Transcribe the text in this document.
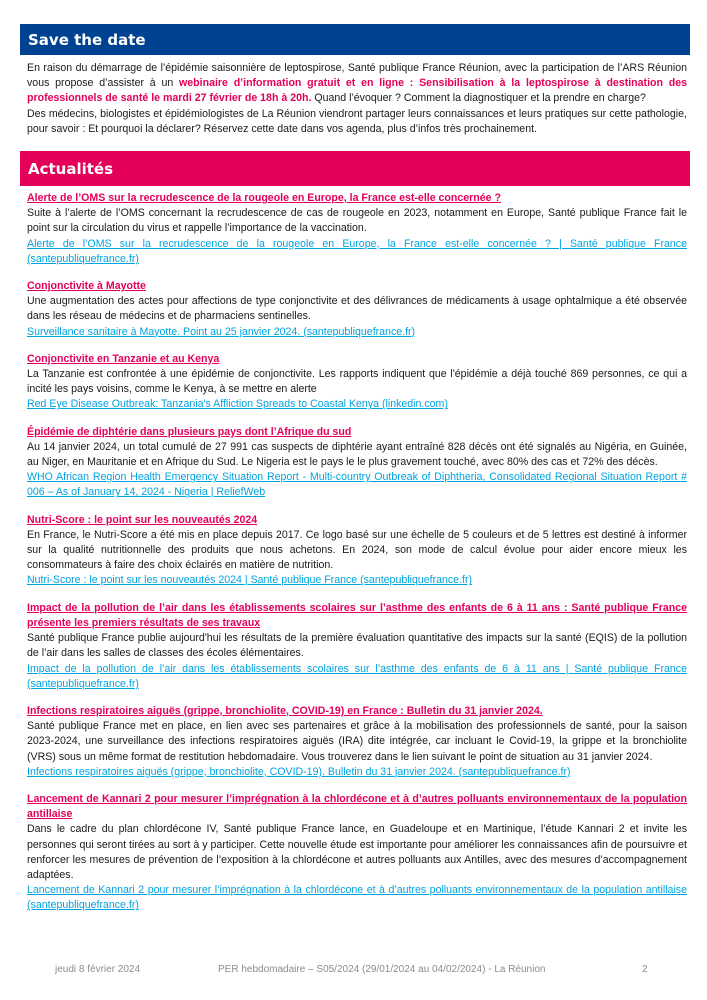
Save the date

En raison du démarrage de l’épidémie saisonnière de leptospirose, Santé publique France Réunion, avec la participation de l’ARS Réunion vous propose d’assister à un webinaire d’information gratuit et en ligne : Sensibilisation à la leptospirose à destination des professionnels de santé le mardi 27 février de 18h à 20h. Quand l’évoquer ? Comment la diagnostiquer et la prendre en charge?

Des médecins, biologistes et épidémiologistes de La Réunion viendront partager leurs connaissances et leurs pratiques sur cette pathologie, pour savoir : Et pourquoi la déclarer? Réservez cette date dans vos agenda, plus d’infos très prochainement.

Actualités
Alerte de l’OMS sur la recrudescence de la rougeole en Europe, la France est-elle concernée ?
Suite à l’alerte de l’OMS concernant la recrudescence de cas de rougeole en 2023, notamment en Europe, Santé publique France fait le point sur la circulation du virus et rappelle l’importance de la vaccination.
Alerte de l’OMS sur la recrudescence de la rougeole en Europe, la France est-elle concernée ? | Santé publique France (santepubliquefrance.fr)
Conjonctivite à Mayotte
Une augmentation des actes pour affections de type conjonctivite et des délivrances de médicaments à usage ophtalmique a été observée dans les réseau de médecins et de pharmaciens sentinelles.
Surveillance sanitaire à Mayotte. Point au 25 janvier 2024. (santepubliquefrance.fr)
Conjonctivite en Tanzanie et au Kenya
La Tanzanie est confrontée à une épidémie de conjonctivite. Les rapports indiquent que l'épidémie a déjà touché 869 personnes, ce qui a incité les pays voisins, comme le Kenya, à se mettre en alerte
Red Eye Disease Outbreak: Tanzania's Affliction Spreads to Coastal Kenya (linkedin.com)
Épidémie de diphtérie dans plusieurs pays dont l’Afrique du sud
Au 14 janvier 2024, un total cumulé de 27 991 cas suspects de diphtérie ayant entraîné 828 décès ont été signalés au Nigéria, en Guinée, au Niger, en Mauritanie et en Afrique du Sud. Le Nigeria est le pays le le plus gravement touché, avec 80% des cas et 72% des décès.
WHO African Region Health Emergency Situation Report - Multi-country Outbreak of Diphtheria, Consolidated Regional Situation Report # 006 – As of January 14, 2024 - Nigeria | ReliefWeb
Nutri-Score : le point sur les nouveautés 2024
En France, le Nutri-Score a été mis en place depuis 2017. Ce logo basé sur une échelle de 5 couleurs et de 5 lettres est destiné à informer sur la qualité nutritionnelle des produits que nous achetons. En 2024, son mode de calcul évolue pour aider encore mieux les consommateurs à faire des choix éclairés en matière de nutrition.
Nutri-Score : le point sur les nouveautés 2024 | Santé publique France (santepubliquefrance.fr)
Impact de la pollution de l’air dans les établissements scolaires sur l’asthme des enfants de 6 à 11 ans : Santé publique France présente les premiers résultats de ses travaux
Santé publique France publie aujourd'hui les résultats de la première évaluation quantitative des impacts sur la santé (EQIS) de la pollution de l’air dans les salles de classes des écoles élémentaires.
Impact de la pollution de l’air dans les établissements scolaires sur l’asthme des enfants de 6 à 11 ans | Santé publique France (santepubliquefrance.fr)
Infections respiratoires aiguës (grippe, bronchiolite, COVID-19) en France : Bulletin du 31 janvier 2024.
Santé publique France met en place, en lien avec ses partenaires et grâce à la mobilisation des professionnels de santé, pour la saison 2023-2024, une surveillance des infections respiratoires aiguës (IRA) dite intégrée, car incluant le Covid-19, la grippe et la bronchiolite (VRS) sous un même format de restitution hebdomadaire. Vous trouverez dans le lien suivant le point de situation au 31 janvier 2024.
Infections respiratoires aiguës (grippe, bronchiolite, COVID-19). Bulletin du 31 janvier 2024. (santepubliquefrance.fr)
Lancement de Kannari 2 pour mesurer l’imprégnation à la chlordécone et à d’autres polluants environnementaux de la population antillaise
Dans le cadre du plan chlordécone IV, Santé publique France lance, en Guadeloupe et en Martinique, l’étude Kannari 2 et invite les personnes qui seront tirées au sort à y participer. Cette nouvelle étude est importante pour améliorer les connaissances afin de poursuivre et renforcer les mesures de prévention de l’exposition à la chlordécone et autres polluants aux Antilles, avec des mesures d’accompagnement adaptées.
Lancement de Kannari 2 pour mesurer l’imprégnation à la chlordécone et à d’autres polluants environnementaux de la population antillaise (santepubliquefrance.fr)
jeudi 8 février 2024	PER hebdomadaire – S05/2024 (29/01/2024 au 04/02/2024) - La Réunion	2
